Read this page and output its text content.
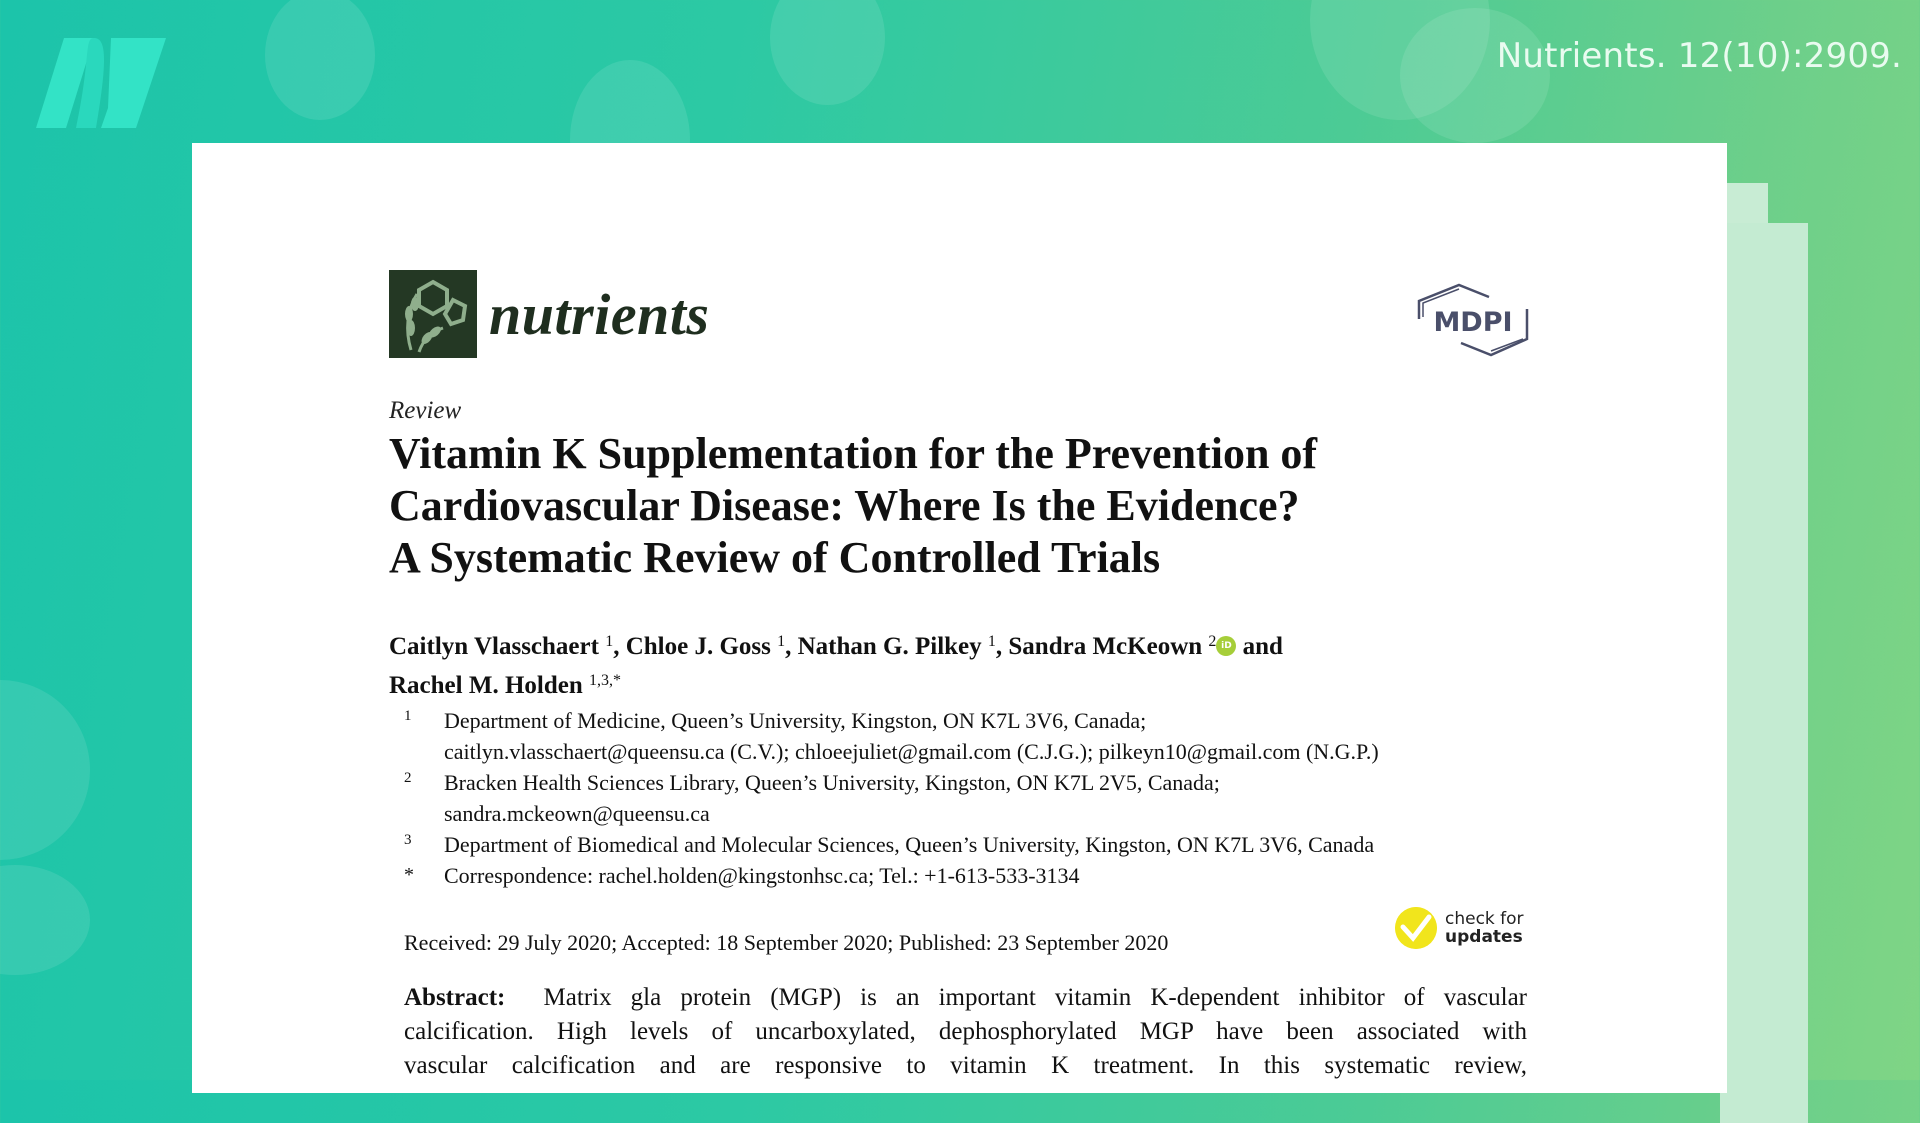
Nutrients. 12(10):2909.
nutrients	MDPI
Review
Vitamin K Supplementation for the Prevention of
Cardiovascular Disease: Where Is the Evidence?
A Systematic Review of Controlled Trials
Caitlyn Vlasschaert $^1$, Chloe J. Goss $^1$, Nathan G. Pilkey $^1$, Sandra McKeown $^2$ iD and
Rachel M. Holden $^{1,3,*}$
1	Department of Medicine, Queen’s University, Kingston, ON K7L 3V6, Canada;
caitlyn.vlasschaert@queensu.ca (C.V.); chloeejuliet@gmail.com (C.J.G.); pilkeyn10@gmail.com (N.G.P.)
2	Bracken Health Sciences Library, Queen’s University, Kingston, ON K7L 2V5, Canada;
sandra.mckeown@queensu.ca
3	Department of Biomedical and Molecular Sciences, Queen’s University, Kingston, ON K7L 3V6, Canada
*	Correspondence: rachel.holden@kingstonhsc.ca; Tel.: +1-613-533-3134
Received: 29 July 2020; Accepted: 18 September 2020; Published: 23 September 2020
check for
updates
Abstract: Matrix gla protein (MGP) is an important vitamin K-dependent inhibitor of vascular
calcification. High levels of uncarboxylated, dephosphorylated MGP have been associated with
vascular calcification and are responsive to vitamin K treatment. In this systematic review,
